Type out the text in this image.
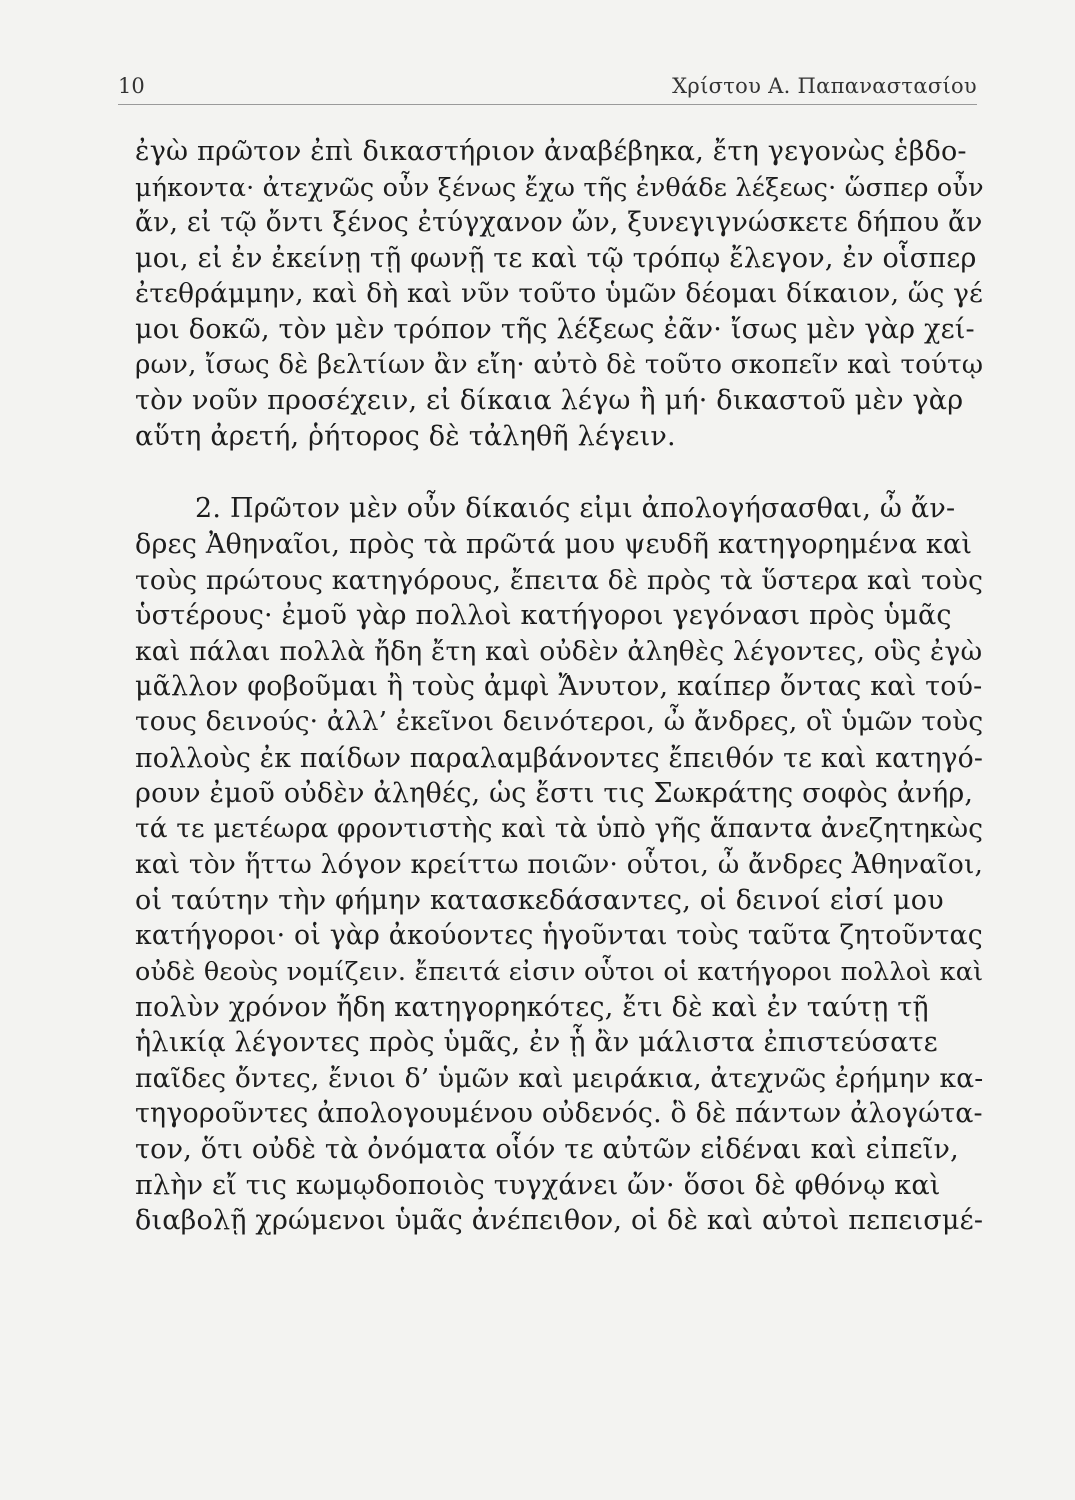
10	Χρίστου Α. Παπαναστασίου
ἐγὼ πρῶτον ἐπὶ δικαστήριον ἀναβέβηκα, ἔτη γεγονὼς ἑβδο-
μήκοντα· ἀτεχνῶς οὖν ξένως ἔχω τῆς ἐνθάδε λέξεως· ὥσπερ οὖν
ἄν, εἰ τῷ ὄντι ξένος ἐτύγχανον ὤν, ξυνεγιγνώσκετε δήπου ἄν
μοι, εἰ ἐν ἐκείνῃ τῇ φωνῇ τε καὶ τῷ τρόπῳ ἔλεγον, ἐν οἷσπερ
ἐτεθράμμην, καὶ δὴ καὶ νῦν τοῦτο ὑμῶν δέομαι δίκαιον, ὥς γέ
μοι δοκῶ, τὸν μὲν τρόπον τῆς λέξεως ἐᾶν· ἴσως μὲν γὰρ χεί-
ρων, ἴσως δὲ βελτίων ἂν εἴη· αὐτὸ δὲ τοῦτο σκοπεῖν καὶ τούτῳ
τὸν νοῦν προσέχειν, εἰ δίκαια λέγω ἢ μή· δικαστοῦ μὲν γὰρ
αὕτη ἀρετή, ῥήτορος δὲ τἀληθῆ λέγειν.
2. Πρῶτον μὲν οὖν δίκαιός εἰμι ἀπολογήσασθαι, ὦ ἄν-
δρες Ἀθηναῖοι, πρὸς τὰ πρῶτά μου ψευδῆ κατηγορημένα καὶ
τοὺς πρώτους κατηγόρους, ἔπειτα δὲ πρὸς τὰ ὕστερα καὶ τοὺς
ὑστέρους· ἐμοῦ γὰρ πολλοὶ κατήγοροι γεγόνασι πρὸς ὑμᾶς
καὶ πάλαι πολλὰ ἤδη ἔτη καὶ οὐδὲν ἀληθὲς λέγοντες, οὓς ἐγὼ
μᾶλλον φοβοῦμαι ἢ τοὺς ἀμφὶ Ἄνυτον, καίπερ ὄντας καὶ τού-
τους δεινούς· ἀλλ’ ἐκεῖνοι δεινότεροι, ὦ ἄνδρες, οἳ ὑμῶν τοὺς
πολλοὺς ἐκ παίδων παραλαμβάνοντες ἔπειθόν τε καὶ κατηγό-
ρουν ἐμοῦ οὐδὲν ἀληθές, ὡς ἔστι τις Σωκράτης σοφὸς ἀνήρ,
τά τε μετέωρα φροντιστὴς καὶ τὰ ὑπὸ γῆς ἅπαντα ἀνεζητηκὼς
καὶ τὸν ἥττω λόγον κρείττω ποιῶν· οὗτοι, ὦ ἄνδρες Ἀθηναῖοι,
οἱ ταύτην τὴν φήμην κατασκεδάσαντες, οἱ δεινοί εἰσί μου
κατήγοροι· οἱ γὰρ ἀκούοντες ἡγοῦνται τοὺς ταῦτα ζητοῦντας
οὐδὲ θεοὺς νομίζειν. ἔπειτά εἰσιν οὗτοι οἱ κατήγοροι πολλοὶ καὶ
πολὺν χρόνον ἤδη κατηγορηκότες, ἔτι δὲ καὶ ἐν ταύτῃ τῇ
ἡλικίᾳ λέγοντες πρὸς ὑμᾶς, ἐν ᾗ ἂν μάλιστα ἐπιστεύσατε
παῖδες ὄντες, ἔνιοι δ’ ὑμῶν καὶ μειράκια, ἀτεχνῶς ἐρήμην κα-
τηγοροῦντες ἀπολογουμένου οὐδενός. ὃ δὲ πάντων ἀλογώτα-
τον, ὅτι οὐδὲ τὰ ὀνόματα οἷόν τε αὐτῶν εἰδέναι καὶ εἰπεῖν,
πλὴν εἴ τις κωμῳδοποιὸς τυγχάνει ὤν· ὅσοι δὲ φθόνῳ καὶ
διαβολῇ χρώμενοι ὑμᾶς ἀνέπειθον, οἱ δὲ καὶ αὐτοὶ πεπεισμέ-
